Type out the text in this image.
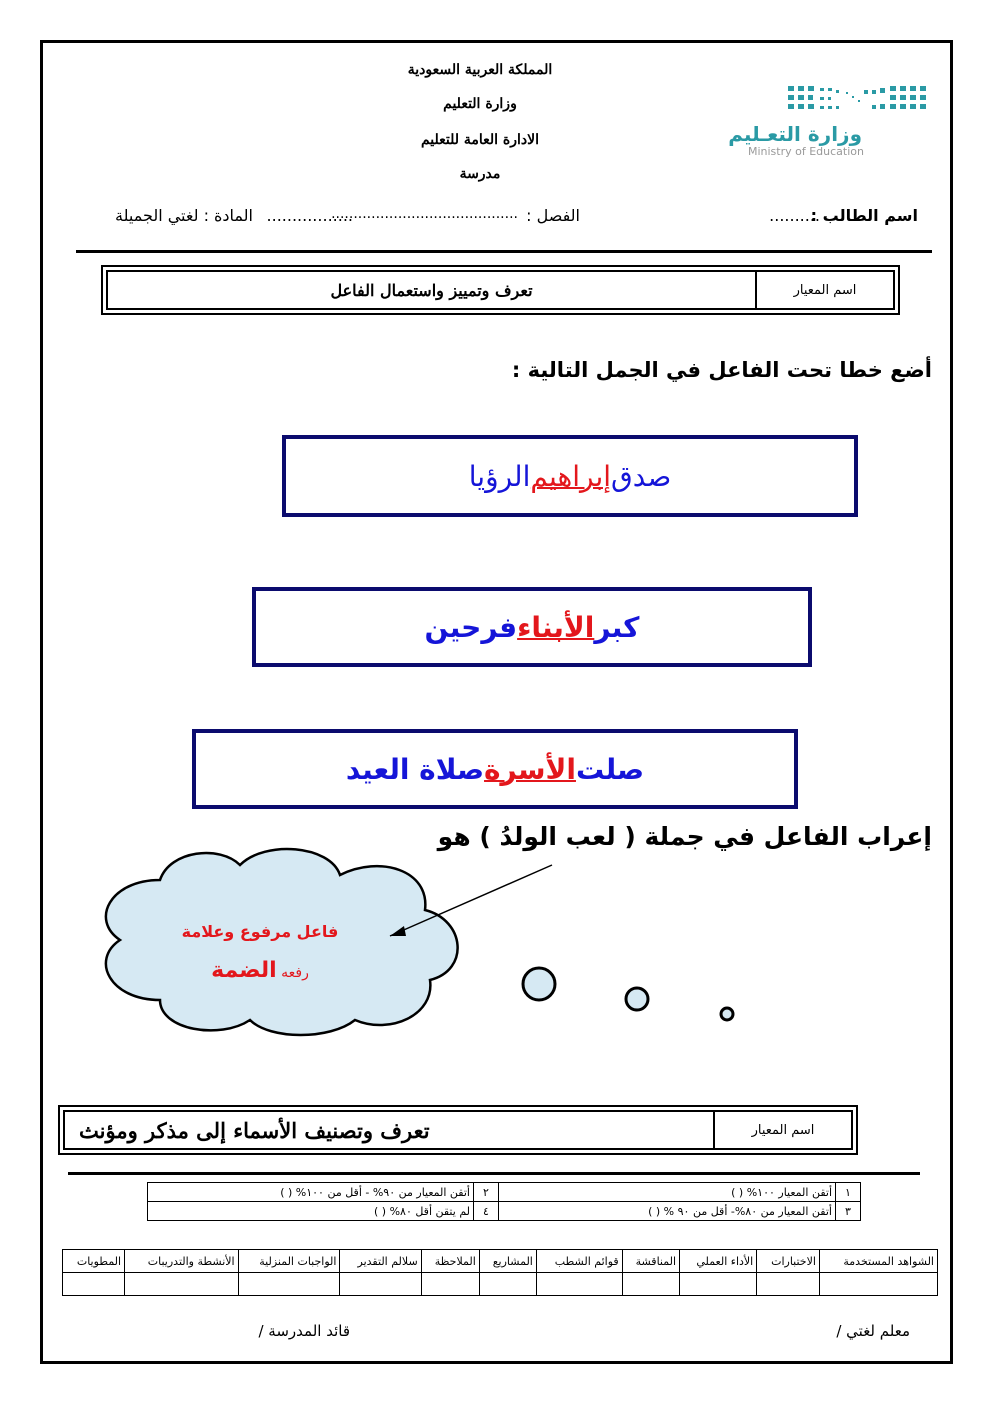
المملكة العربية السعودية
وزارة التعليم
الادارة العامة للتعليم
مدرسة
وزارة التعـليم
Ministry of Education
اسم الطالب :
..........
الفصل :
..........................................
المادة : لغتي الجميلة .................
اسم المعيار
تعرف وتمييز واستعمال الفاعل
أضع خطا تحت الفاعل في الجمل التالية :
صدق
إبراهيم
الرؤيا
كبر
الأبناء
فرحين
صلت
الأسرة
صلاة العيد
إعراب الفاعل في جملة ( لعب الولدُ ) هو
فاعل مرفوع وعلامة
رفعه الضمة
اسم المعيار
تعرف وتصنيف الأسماء إلى مذكر ومؤنث
١	أتقن المعيار ١٠٠% ( )	٢	أتقن المعيار من ٩٠% - أقل من ١٠٠% ( )
٣	أتقن المعيار من ٨٠%- أقل من ٩٠ % ( )	٤	لم يتقن أقل ٨٠% ( )
الشواهد المستخدمة	الاختبارات	الأداء العملي	المناقشة	قوائم الشطب	المشاريع	الملاحظة	سلالم التقدير	الواجبات المنزلية	الأنشطة والتدريبات	المطويات

معلم لغتي /
قائد المدرسة /
